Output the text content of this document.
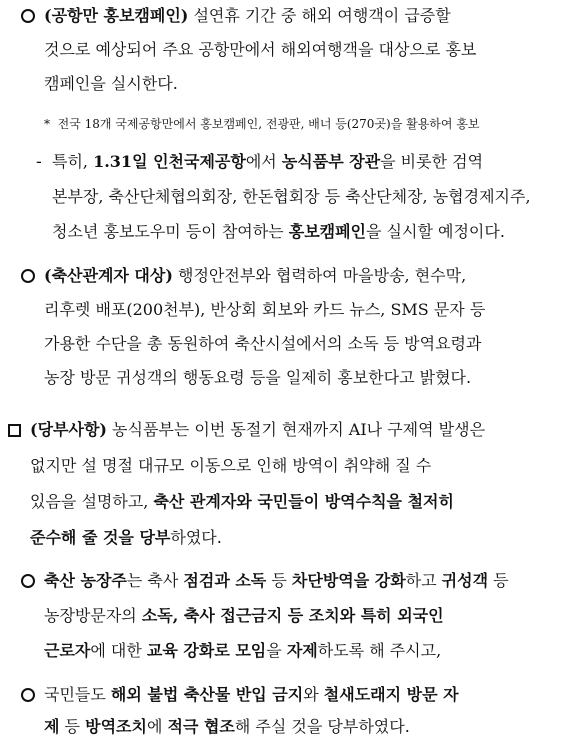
(공항만 홍보캠페인) 설연휴 기간 중 해외 여행객이 급증할
것으로 예상되어 주요 공항만에서 해외여행객을 대상으로 홍보
캠페인을 실시한다.
* 전국 18개 국제공항만에서 홍보캠페인, 전광판, 배너 등(270곳)을 활용하여 홍보
- 특히, 1.31일 인천국제공항에서 농식품부 장관을 비롯한 검역
본부장, 축산단체협의회장, 한돈협회장 등 축산단체장, 농협경제지주,
청소년 홍보도우미 등이 참여하는 홍보캠페인을 실시할 예정이다.
(축산관계자 대상) 행정안전부와 협력하여 마을방송, 현수막,
리후렛 배포(200천부), 반상회 회보와 카드 뉴스, SMS 문자 등
가용한 수단을 총 동원하여 축산시설에서의 소독 등 방역요령과
농장 방문 귀성객의 행동요령 등을 일제히 홍보한다고 밝혔다.
(당부사항) 농식품부는 이번 동절기 현재까지 AI나 구제역 발생은
없지만 설 명절 대규모 이동으로 인해 방역이 취약해 질 수
있음을 설명하고, 축산 관계자와 국민들이 방역수칙을 철저히
준수해 줄 것을 당부하였다.
축산 농장주는 축사 점검과 소독 등 차단방역을 강화하고 귀성객 등
농장방문자의 소독, 축사 접근금지 등 조치와 특히 외국인
근로자에 대한 교육 강화로 모임을 자제하도록 해 주시고,
국민들도 해외 불법 축산물 반입 금지와 철새도래지 방문 자
제 등 방역조치에 적극 협조해 주실 것을 당부하였다.
